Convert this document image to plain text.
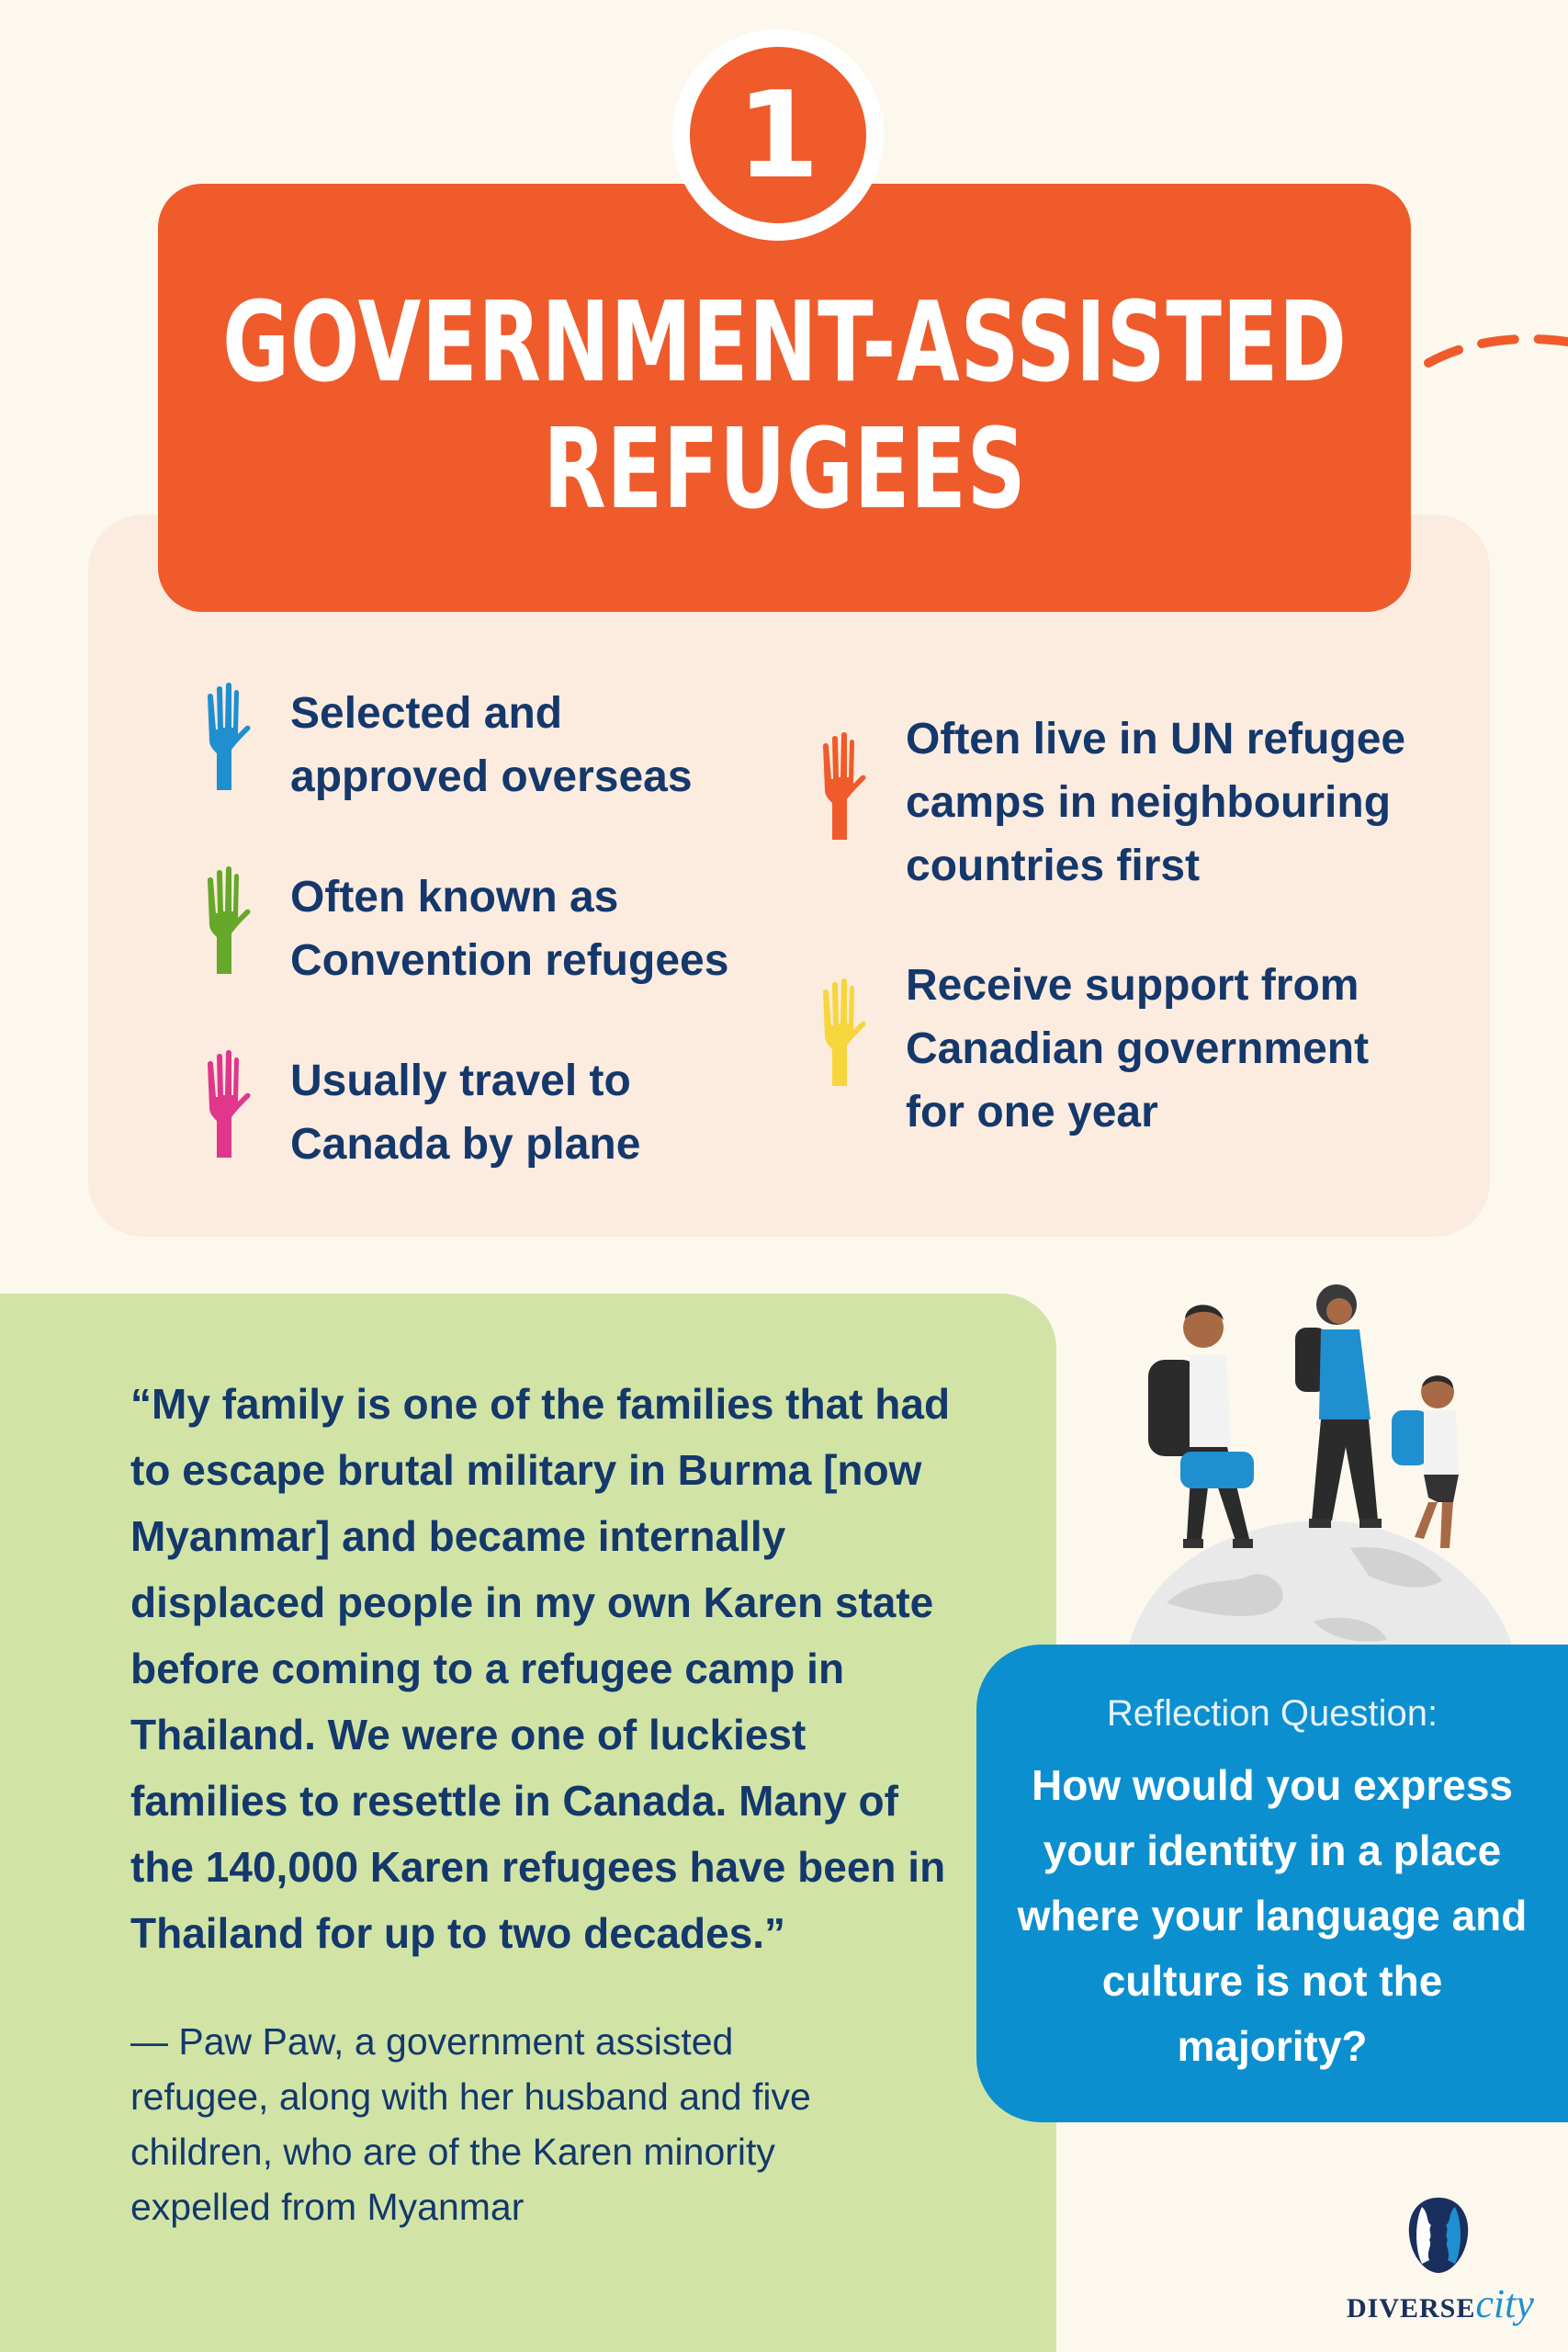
1
GOVERNMENT-ASSISTED
REFUGEES
Selected and approved overseas
Often known as Convention refugees
Usually travel to Canada by plane
Often live in UN refugee camps in neighbouring countries first
Receive support from Canadian government for one year
“My family is one of the families that had to escape brutal military in Burma [now Myanmar] and became internally displaced people in my own Karen state before coming to a refugee camp in Thailand. We were one of luckiest families to resettle in Canada. Many of the 140,000 Karen refugees have been in Thailand for up to two decades.”
— Paw Paw, a government assisted refugee, along with her husband and five children, who are of the Karen minority expelled from Myanmar
Reflection Question:
How would you express your identity in a place where your language and culture is not the majority?
DIVERSEcity
